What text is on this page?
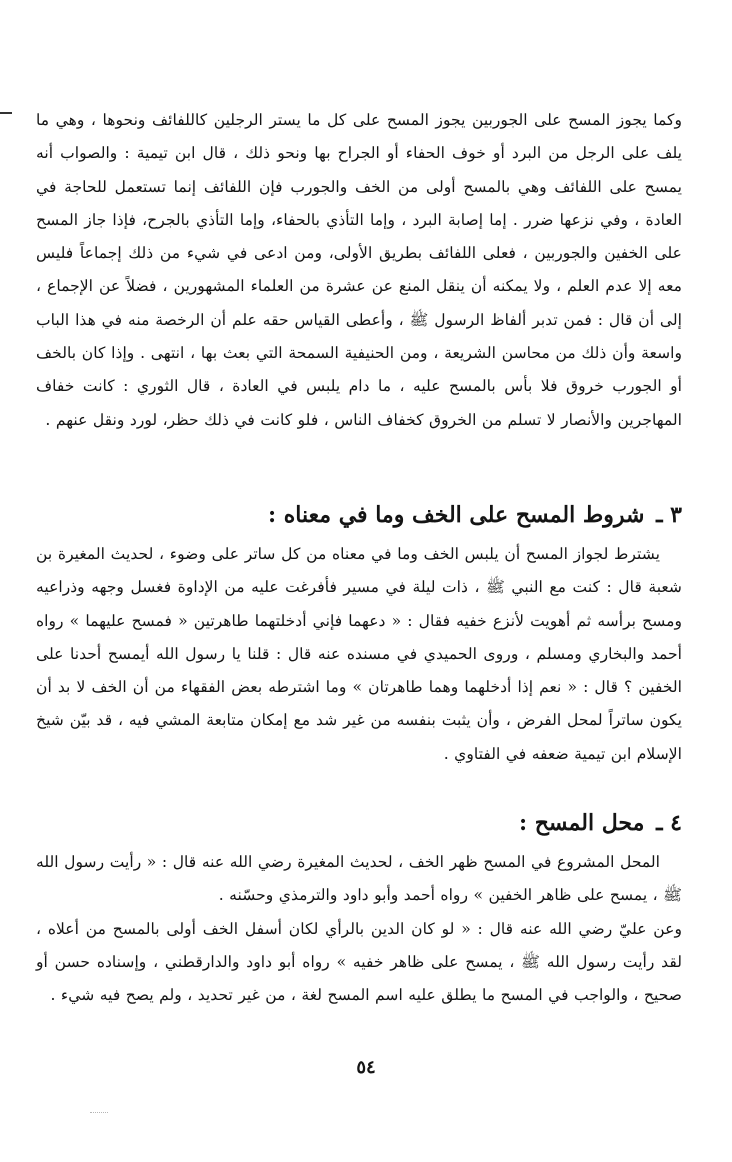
وكما يجوز المسح على الجوربين يجوز المسح على كل ما يستر الرجلين كاللفائف ونحوها ، وهي ما يلف على الرجل من البرد أو خوف الحفاء أو الجراح بها ونحو ذلك ، قال ابن تيمية : والصواب أنه يمسح على اللفائف وهي بالمسح أولى من الخف والجورب فإن اللفائف إنما تستعمل للحاجة في العادة ، وفي نزعها ضرر . إما إصابة البرد ، وإما التأذي بالحفاء، وإما التأذي بالجرح، فإذا جاز المسح على الخفين والجوربين ، فعلى اللفائف بطريق الأولى، ومن ادعى في شيء من ذلك إجماعاً فليس معه إلا عدم العلم ، ولا يمكنه أن ينقل المنع عن عشرة من العلماء المشهورين ، فضلاً عن الإجماع ، إلى أن قال : فمن تدبر ألفاظ الرسول ﷺ ، وأعطى القياس حقه علم أن الرخصة منه في هذا الباب واسعة وأن ذلك من محاسن الشريعة ، ومن الحنيفية السمحة التي بعث بها ، انتهى . وإذا كان بالخف أو الجورب خروق فلا بأس بالمسح عليه ، ما دام يلبس في العادة ، قال الثوري : كانت خفاف المهاجرين والأنصار لا تسلم من الخروق كخفاف الناس ، فلو كانت في ذلك حظر، لورد ونقل عنهم .

٣ ـ شروط المسح على الخف وما في معناه :

يشترط لجواز المسح أن يلبس الخف وما في معناه من كل ساتر على وضوء ، لحديث المغيرة بن شعبة قال : كنت مع النبي ﷺ ، ذات ليلة في مسير فأفرغت عليه من الإداوة فغسل وجهه وذراعيه ومسح برأسه ثم أهويت لأنزع خفيه فقال : « دعهما فإني أدخلتهما طاهرتين « فمسح عليهما » رواه أحمد والبخاري ومسلم ، وروى الحميدي في مسنده عنه قال : قلنا يا رسول الله أيمسح أحدنا على الخفين ؟ قال : « نعم إذا أدخلهما وهما طاهرتان » وما اشترطه بعض الفقهاء من أن الخف لا بد أن يكون ساتراً لمحل الفرض ، وأن يثبت بنفسه من غير شد مع إمكان متابعة المشي فيه ، قد بيّن شيخ الإسلام ابن تيمية ضعفه في الفتاوي .

٤ ـ محل المسح :

المحل المشروع في المسح ظهر الخف ، لحديث المغيرة رضي الله عنه قال : « رأيت رسول الله ﷺ ، يمسح على ظاهر الخفين » رواه أحمد وأبو داود والترمذي وحسّنه .

وعن عليّ رضي الله عنه قال : « لو كان الدين بالرأي لكان أسفل الخف أولى بالمسح من أعلاه ، لقد رأيت رسول الله ﷺ ، يمسح على ظاهر خفيه » رواه أبو داود والدارقطني ، وإسناده حسن أو صحيح ، والواجب في المسح ما يطلق عليه اسم المسح لغة ، من غير تحديد ، ولم يصح فيه شيء .

٥٤
